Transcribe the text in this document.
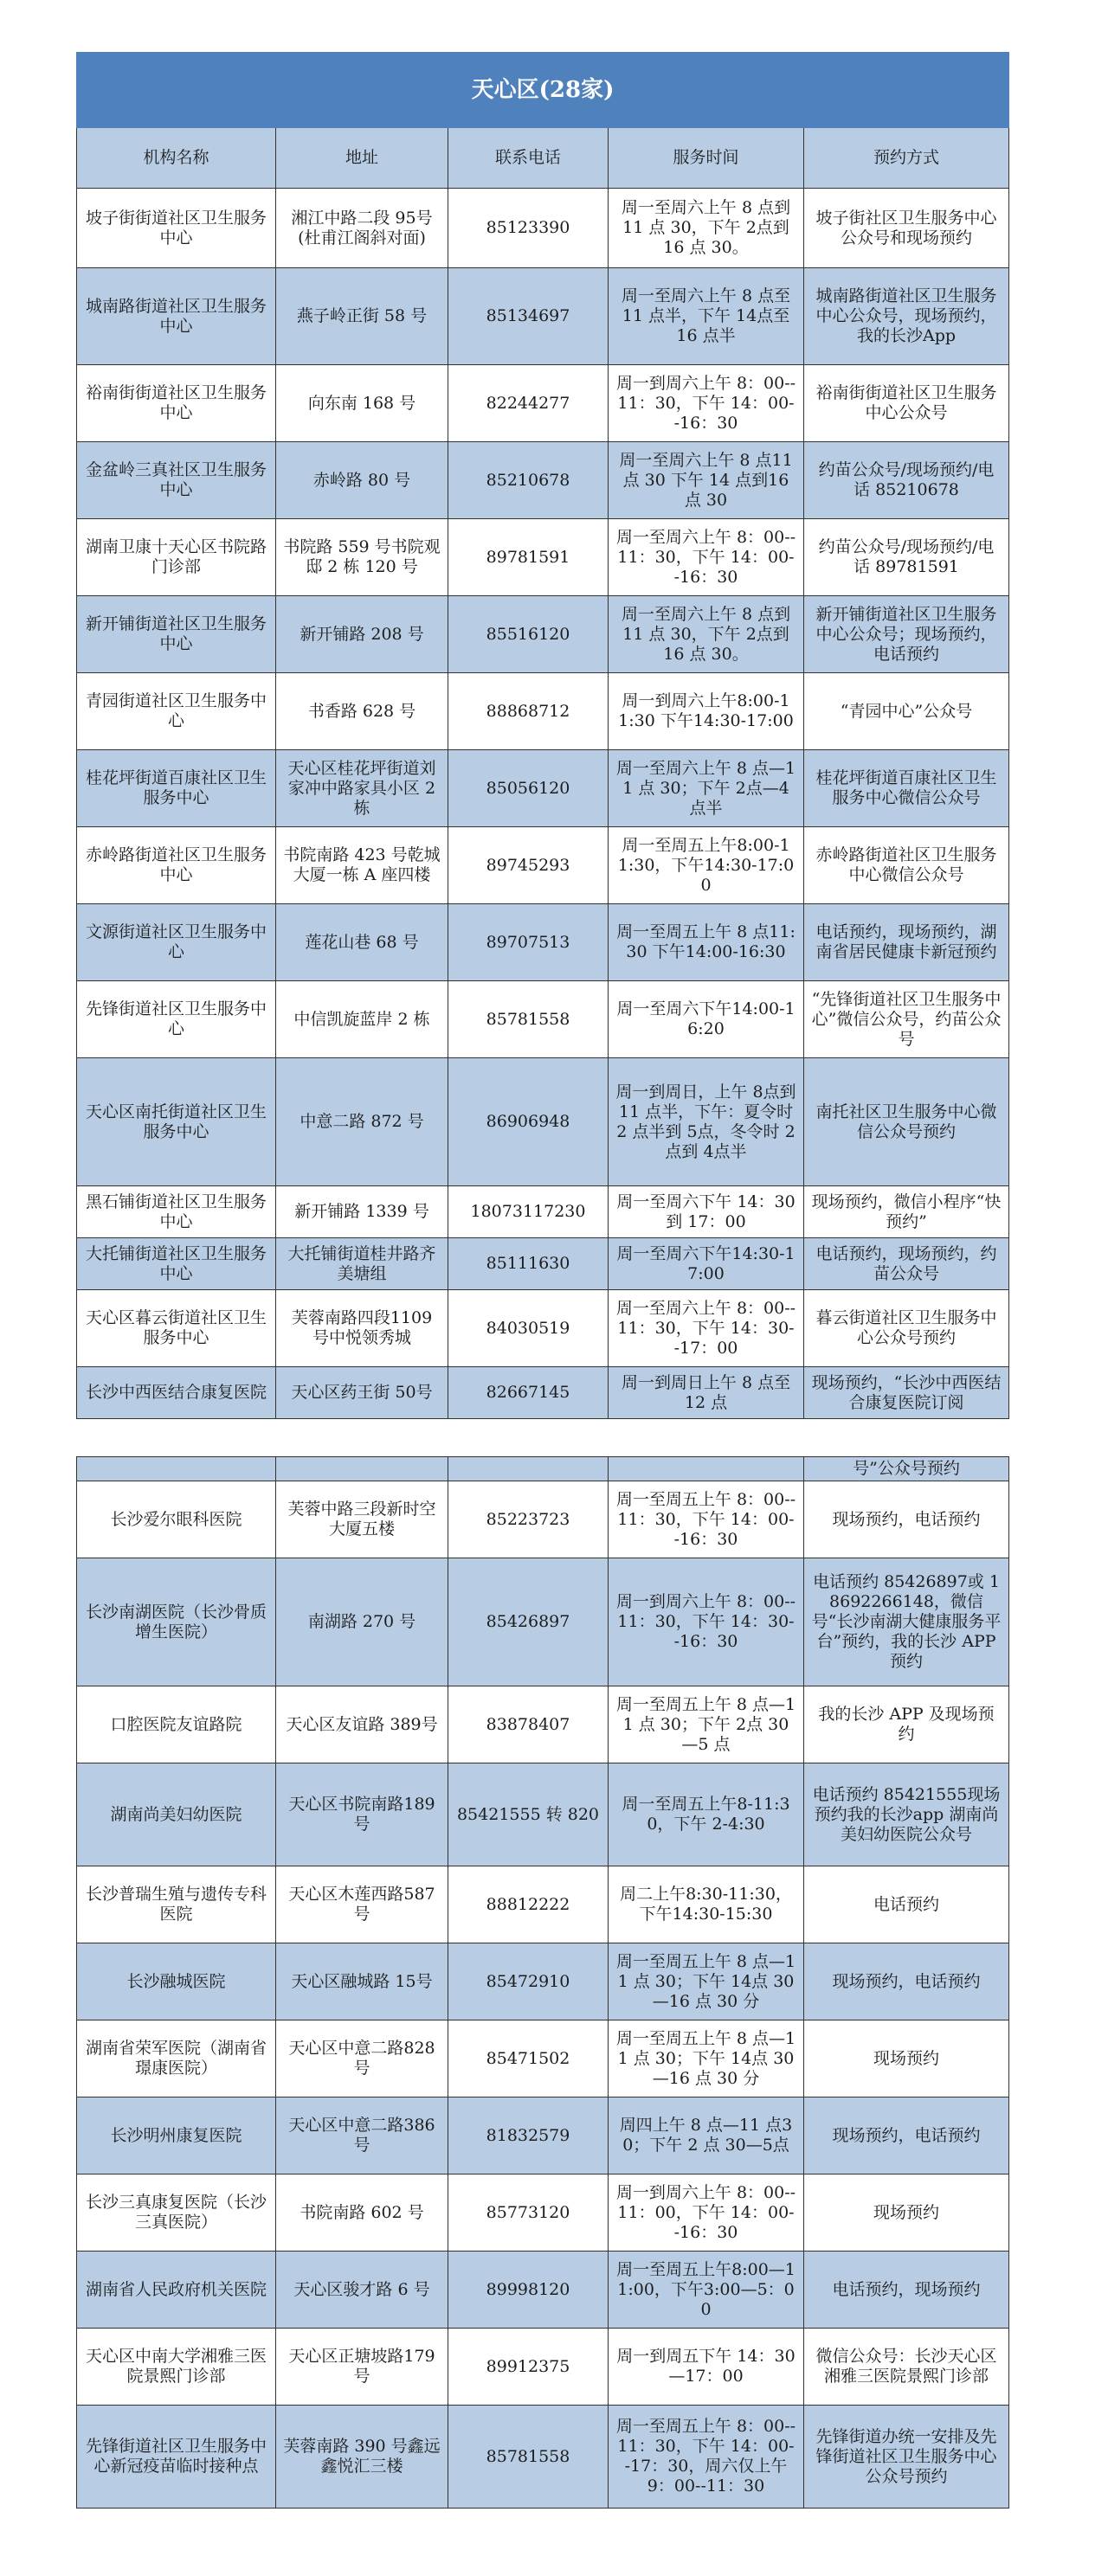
天心区(28家)				
机构名称	地址	联系电话	服务时间	预约方式
坡子街街道社区卫生服务中心	湘江中路二段 95号(杜甫江阁斜对面)	85123390	周一至周六上午 8 点到 11 点 30，下午 2点到 16 点 30。	坡子街社区卫生服务中心公众号和现场预约
城南路街道社区卫生服务中心	燕子岭正街 58 号	85134697	周一至周六上午 8 点至 11 点半，下午 14点至 16 点半	城南路街道社区卫生服务中心公众号，现场预约，我的长沙App
裕南街街道社区卫生服务中心	向东南 168 号	82244277	周一到周六上午 8：00--11：30，下午 14：00--16：30	裕南街街道社区卫生服务中心公众号
金盆岭三真社区卫生服务中心	赤岭路 80 号	85210678	周一至周六上午 8 点11 点 30 下午 14 点到16 点 30	约苗公众号/现场预约/电话 85210678
湖南卫康十天心区书院路门诊部	书院路 559 号书院观邸 2 栋 120 号	89781591	周一至周六上午 8：00--11：30，下午 14：00--16：30	约苗公众号/现场预约/电话 89781591
新开铺街道社区卫生服务中心	新开铺路 208 号	85516120	周一至周六上午 8 点到 11 点 30，下午 2点到 16 点 30。	新开铺街道社区卫生服务中心公众号；现场预约，电话预约
青园街道社区卫生服务中心	书香路 628 号	88868712	周一到周六上午8:00-11:30 下午14:30-17:00	“青园中心”公众号
桂花坪街道百康社区卫生服务中心	天心区桂花坪街道刘家冲中路家具小区 2 栋	85056120	周一至周六上午 8 点—11 点 30；下午 2点—4 点半	桂花坪街道百康社区卫生服务中心微信公众号
赤岭路街道社区卫生服务中心	书院南路 423 号乾城大厦一栋 A 座四楼	89745293	周一至周五上午8:00-11:30，下午14:30-17:00	赤岭路街道社区卫生服务中心微信公众号
文源街道社区卫生服务中心	莲花山巷 68 号	89707513	周一至周五上午 8 点11:30 下午14:00-16:30	电话预约，现场预约，湖南省居民健康卡新冠预约
先锋街道社区卫生服务中心	中信凯旋蓝岸 2 栋	85781558	周一至周六下午14:00-16:20	“先锋街道社区卫生服务中心”微信公众号，约苗公众号
天心区南托街道社区卫生服务中心	中意二路 872 号	86906948	周一到周日，上午 8点到 11 点半，下午：夏令时 2 点半到 5点，冬令时 2 点到 4点半	南托社区卫生服务中心微信公众号预约
黑石铺街道社区卫生服务中心	新开铺路 1339 号	18073117230	周一至周六下午 14：30 到 17：00	现场预约，微信小程序“快预约”
大托铺街道社区卫生服务中心	大托铺街道桂井路齐美塘组	85111630	周一至周六下午14:30-17:00	电话预约，现场预约，约苗公众号
天心区暮云街道社区卫生服务中心	芙蓉南路四段1109 号中悦领秀城	84030519	周一至周六上午 8：00--11：30，下午 14：30--17：00	暮云街道社区卫生服务中心公众号预约
长沙中西医结合康复医院	天心区药王街 50号	82667145	周一到周日上午 8 点至 12 点	现场预约，“长沙中西医结合康复医院订阅
				号”公众号预约
长沙爱尔眼科医院	芙蓉中路三段新时空大厦五楼	85223723	周一至周五上午 8：00--11：30，下午 14：00--16：30	现场预约，电话预约
长沙南湖医院（长沙骨质增生医院）	南湖路 270 号	85426897	周一到周六上午 8：00--11：30，下午 14：30--16：30	电话预约 85426897或 18692266148，微信号“长沙南湖大健康服务平台”预约，我的长沙 APP 预约
口腔医院友谊路院	天心区友谊路 389号	83878407	周一至周五上午 8 点—11 点 30；下午 2点 30—5 点	我的长沙 APP 及现场预约
湖南尚美妇幼医院	天心区书院南路189 号	85421555 转 820	周一至周五上午8-11:30，下午 2-4:30	电话预约 85421555现场预约我的长沙app 湖南尚美妇幼医院公众号
长沙普瑞生殖与遗传专科医院	天心区木莲西路587 号	88812222	周二上午8:30-11:30，下午14:30-15:30	电话预约
长沙融城医院	天心区融城路 15号	85472910	周一至周五上午 8 点—11 点 30；下午 14点 30—16 点 30 分	现场预约，电话预约
湖南省荣军医院（湖南省璟康医院）	天心区中意二路828 号	85471502	周一至周五上午 8 点—11 点 30；下午 14点 30—16 点 30 分	现场预约
长沙明州康复医院	天心区中意二路386 号	81832579	周四上午 8 点—11 点30；下午 2 点 30—5点	现场预约，电话预约
长沙三真康复医院（长沙三真医院）	书院南路 602 号	85773120	周一到周六上午 8：00--11：00，下午 14：00--16：30	现场预约
湖南省人民政府机关医院	天心区骏才路 6 号	89998120	周一至周五上午8:00—11:00，下午3:00—5：00	电话预约，现场预约
天心区中南大学湘雅三医院景熙门诊部	天心区正塘坡路179 号	89912375	周一到周五下午 14：30—17：00	微信公众号：长沙天心区湘雅三医院景熙门诊部
先锋街道社区卫生服务中心新冠疫苗临时接种点	芙蓉南路 390 号鑫远鑫悦汇三楼	85781558	周一至周五上午 8：00--11：30，下午 14：00--17：30，周六仅上午 9：00--11：30	先锋街道办统一安排及先锋街道社区卫生服务中心公众号预约
